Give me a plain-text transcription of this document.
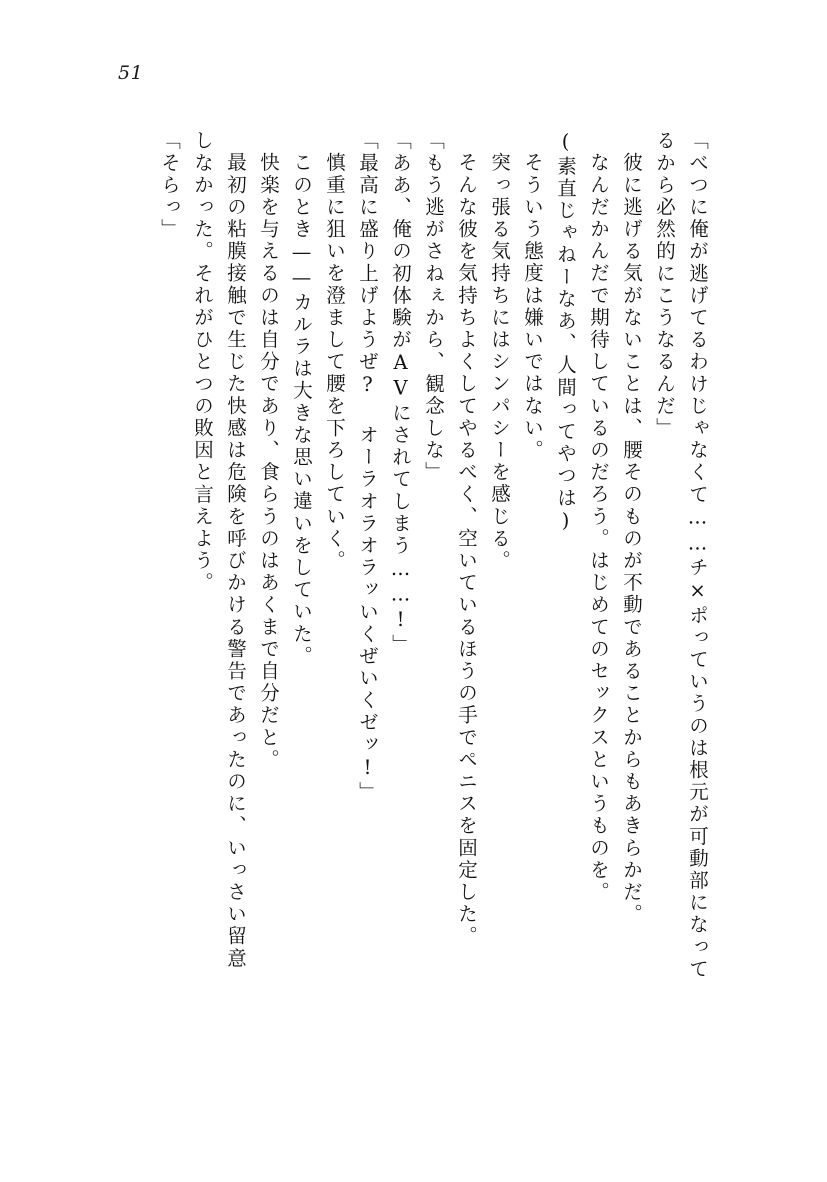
51
「べつに俺が逃げてるわけじゃなくて……チ×ポっていうのは根元が可動部になって
るから必然的にこうなるんだ」
彼に逃げる気がないことは、腰そのものが不動であることからもあきらかだ。
なんだかんだで期待しているのだろう。はじめてのセックスというものを。
(素直じゃねーなあ、人間ってやつは)
そういう態度は嫌いではない。
突っ張る気持ちにはシンパシーを感じる。
そんな彼を気持ちよくしてやるべく、空いているほうの手でペニスを固定した。
「もう逃がさねぇから、観念しな」
「ああ、俺の初体験がAVにされてしまう……!」
「最高に盛り上げようぜ? オーラオラオラッいくぜいくゼッ!」
慎重に狙いを澄まして腰を下ろしていく。
このとき——カルラは大きな思い違いをしていた。
快楽を与えるのは自分であり、食らうのはあくまで自分だと。
最初の粘膜接触で生じた快感は危険を呼びかける警告であったのに、いっさい留意
しなかった。それがひとつの敗因と言えよう。
「そらっ」
